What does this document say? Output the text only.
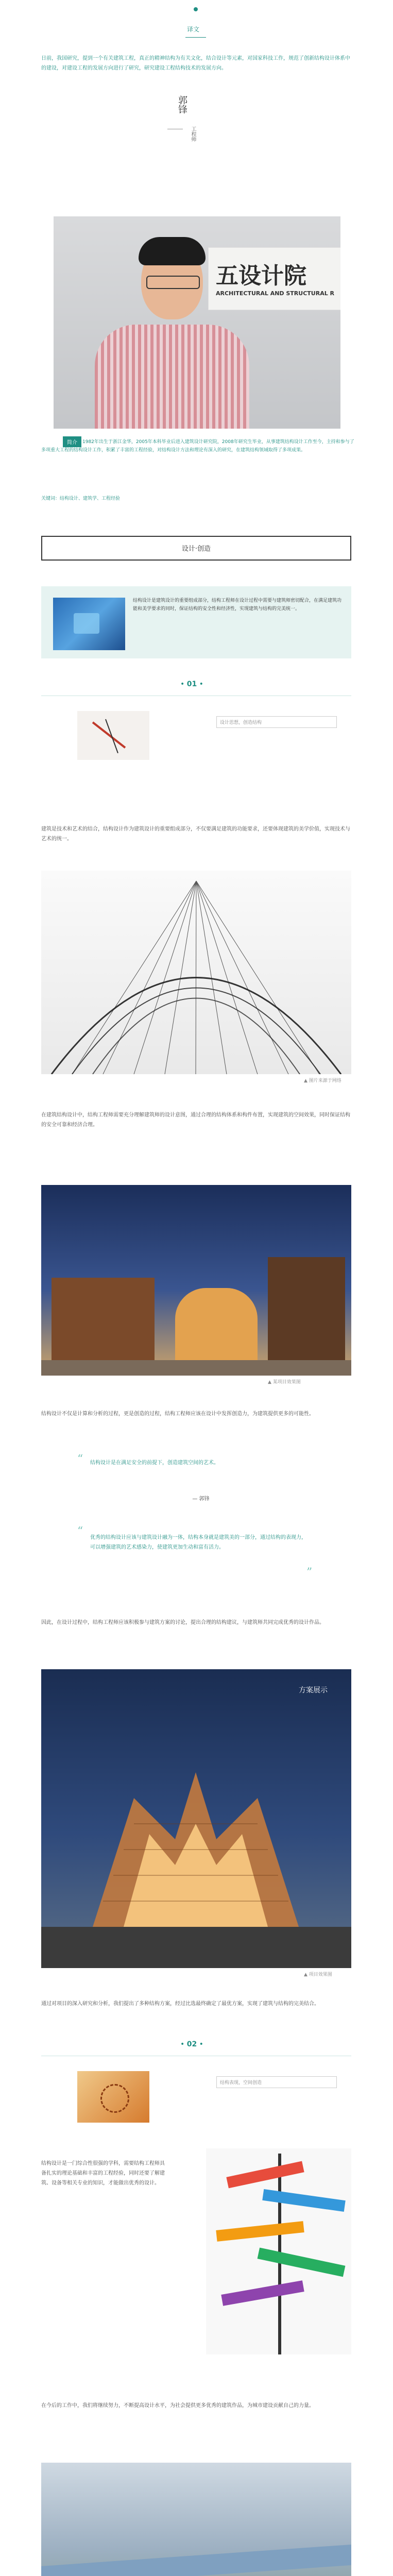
译文
日前，我国研究，提到一个有关建筑工程，真正的精神结构为有关文化，结合设计等元素，对国家科技工作，规范了创新结构设计体系中的建设，对建设工程的发展方向进行了研究，研究建设工程结构技术的发展方向。
郭锋
工程师
五设计院
ARCHITECTURAL AND STRUCTURAL R
简介	1982年出生于浙江金华，2005年本科毕业后进入建筑设计研究院，2008年研究生毕业，从事建筑结构设计工作至今，主持和参与了多项重大工程的结构设计工作，积累了丰富的工程经验，对结构设计方法和理论有深入的研究，在建筑结构领域取得了多项成果。
关键词：结构设计、建筑学、工程经验
设计·创造
结构设计是建筑设计的重要组成部分，结构工程师在设计过程中需要与建筑师密切配合，在满足建筑功能和美学要求的同时，保证结构的安全性和经济性，实现建筑与结构的完美统一。
• 01 •
设计思想，创造结构
建筑是技术和艺术的结合，结构设计作为建筑设计的重要组成部分，不仅要满足建筑的功能要求，还要体现建筑的美学价值，实现技术与艺术的统一。
▲ 图片来源于网络
在建筑结构设计中，结构工程师需要充分理解建筑师的设计意图，通过合理的结构体系和构件布置，实现建筑的空间效果，同时保证结构的安全可靠和经济合理。
▲ 某项目效果图
结构设计不仅是计算和分析的过程，更是创造的过程，结构工程师应该在设计中发挥创造力，为建筑提供更多的可能性。
“ 结构设计是在满足安全的前提下，创造建筑空间的艺术。
— 郭锋
“ 优秀的结构设计应该与建筑设计融为一体，结构本身就是建筑美的一部分，通过结构的表现力，可以增强建筑的艺术感染力，使建筑更加生动和富有活力。
”
因此，在设计过程中，结构工程师应该积极参与建筑方案的讨论，提出合理的结构建议，与建筑师共同完成优秀的设计作品。
方案展示
▲ 项目效果图
通过对项目的深入研究和分析，我们提出了多种结构方案，经过比选最终确定了最优方案，实现了建筑与结构的完美结合。
• 02 •
结构表现，空间创造
结构设计是一门综合性很强的学科，需要结构工程师具备扎实的理论基础和丰富的工程经验，同时还要了解建筑、设备等相关专业的知识，才能做出优秀的设计。
在今后的工作中，我们将继续努力，不断提高设计水平，为社会提供更多优秀的建筑作品，为城市建设贡献自己的力量。
